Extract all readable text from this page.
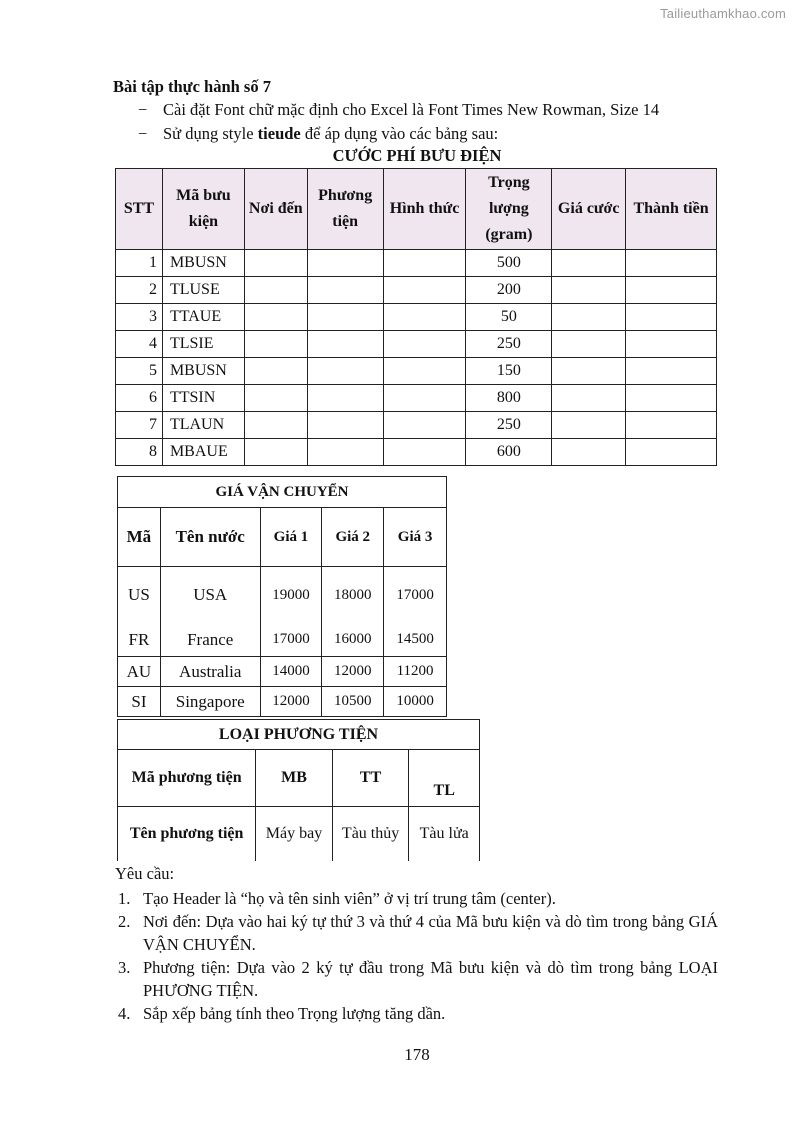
Tailieuthamkhao.com
Bài tập thực hành số 7
− Cài đặt Font chữ mặc định cho Excel là Font Times New Rowman, Size 14
− Sử dụng style tieude để áp dụng vào các bảng sau:
CƯỚC PHÍ BƯU ĐIỆN
STT	Mã bưu kiện	Nơi đến	Phương tiện	Hình thức	Trọng lượng (gram)	Giá cước	Thành tiền
1	MBUSN				500		
2	TLUSE				200		
3	TTAUE				50		
4	TLSIE				250		
5	MBUSN				150		
6	TTSIN				800		
7	TLAUN				250		
8	MBAUE				600		
GIÁ VẬN CHUYỂN				
Mã	Tên nước	Giá 1	Giá 2	Giá 3
US	USA	19000	18000	17000
FR	France	17000	16000	14500
AU	Australia	14000	12000	11200
SI	Singapore	12000	10500	10000
LOẠI PHƯƠNG TIỆN			
Mã phương tiện	MB	TT	TL
Tên phương tiện	Máy bay	Tàu thủy	Tàu lửa
Yêu cầu:
1. Tạo Header là “họ và tên sinh viên” ở vị trí trung tâm (center).
2. Nơi đến: Dựa vào hai ký tự thứ 3 và thứ 4 của Mã bưu kiện và dò tìm trong bảng GIÁ VẬN CHUYỂN.
3. Phương tiện: Dựa vào 2 ký tự đầu trong Mã bưu kiện và dò tìm trong bảng LOẠI PHƯƠNG TIỆN.
4. Sắp xếp bảng tính theo Trọng lượng tăng dần.
178
